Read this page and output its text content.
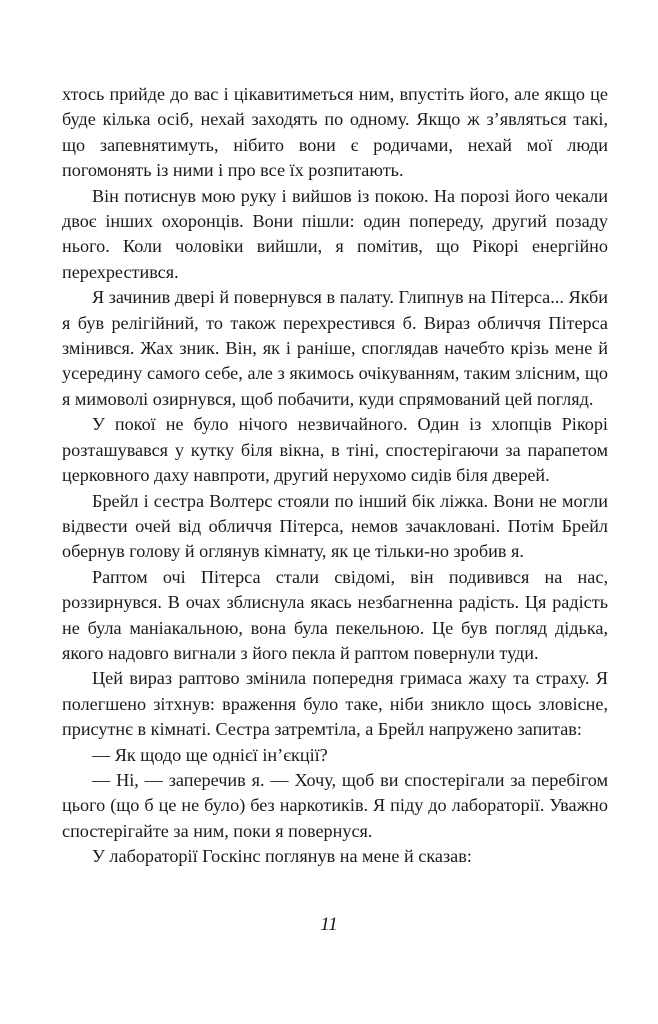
хтось прийде до вас і цікавитиметься ним, впустіть його, але якщо це буде кілька осіб, нехай заходять по одному. Якщо ж з’являться такі, що запевнятимуть, нібито вони є родичами, нехай мої люди погомонять із ними і про все їх розпитають.

Він потиснув мою руку і вийшов із покою. На порозі його чекали двоє інших охоронців. Вони пішли: один попереду, другий позаду нього. Коли чоловіки вийшли, я помітив, що Рікорі енергійно перехрестився.

Я зачинив двері й повернувся в палату. Глипнув на Пітерса... Якби я був релігійний, то також перехрестився б. Вираз обличчя Пітерса змінився. Жах зник. Він, як і раніше, споглядав начебто крізь мене й усередину самого себе, але з якимось очікуванням, таким злісним, що я мимоволі озирнувся, щоб побачити, куди спрямований цей погляд.

У покої не було нічого незвичайного. Один із хлопців Рікорі розташувався у кутку біля вікна, в тіні, спостерігаючи за парапетом церковного даху навпроти, другий нерухомо сидів біля дверей.

Брейл і сестра Волтерс стояли по інший бік ліжка. Вони не могли відвести очей від обличчя Пітерса, немов зачакловані. Потім Брейл обернув голову й оглянув кімнату, як це тільки-но зробив я.

Раптом очі Пітерса стали свідомі, він подивився на нас, роззирнувся. В очах зблиснула якась незбагненна радість. Ця радість не була маніакальною, вона була пекельною. Це був погляд дідька, якого надовго вигнали з його пекла й раптом повернули туди.

Цей вираз раптово змінила попередня гримаса жаху та страху. Я полегшено зітхнув: враження було таке, ніби зникло щось зловісне, присутнє в кімнаті. Сестра затремтіла, а Брейл напружено запитав:

— Як щодо ще однієї ін’єкції?

— Ні, — заперечив я. — Хочу, щоб ви спостерігали за перебігом цього (що б це не було) без наркотиків. Я піду до лабораторії. Уважно спостерігайте за ним, поки я повернуся.

У лабораторії Госкінс поглянув на мене й сказав:

11
